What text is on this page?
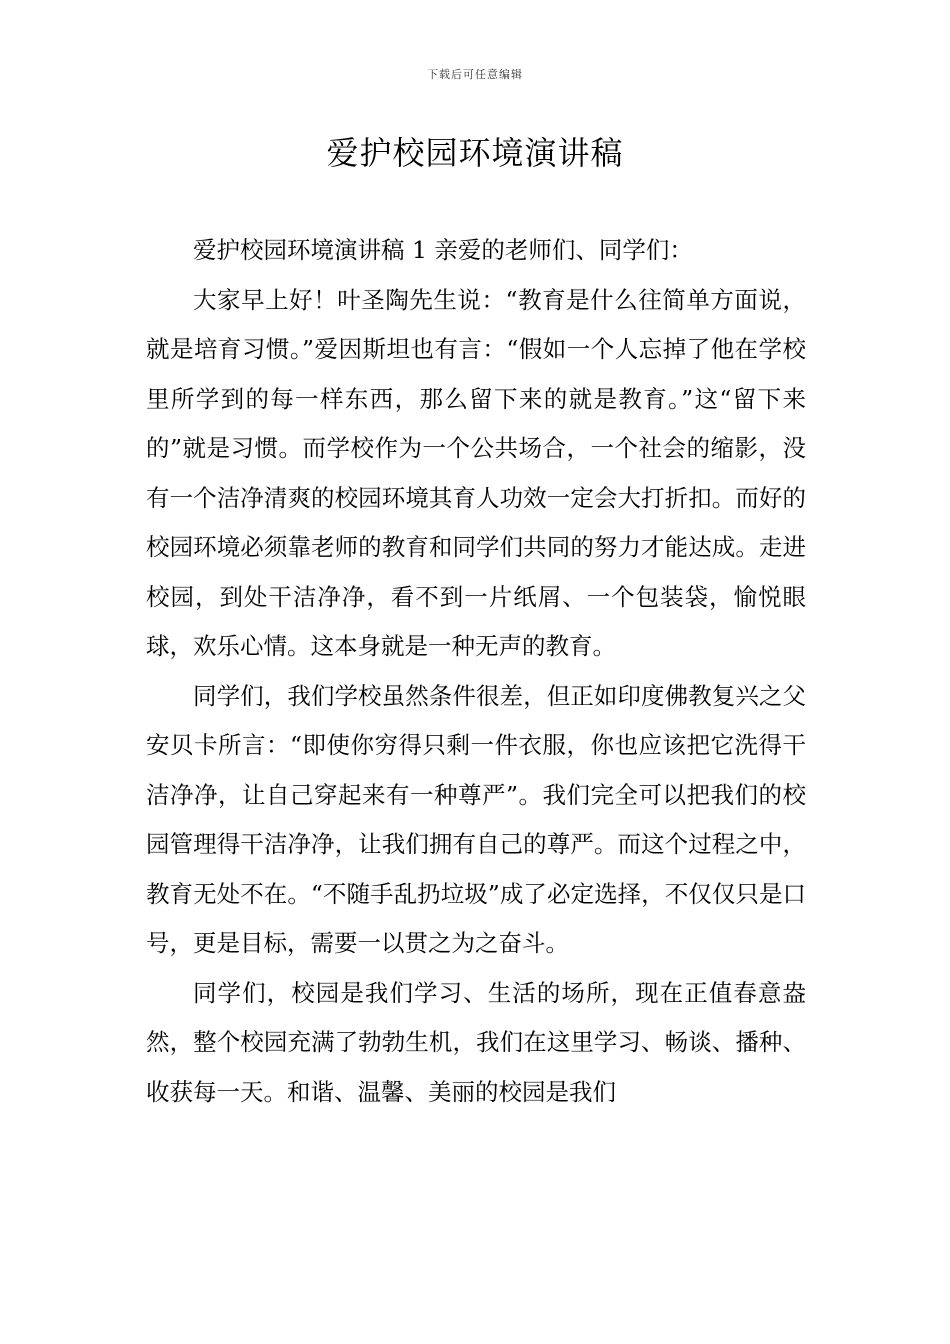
下载后可任意编辑
爱护校园环境演讲稿

爱护校园环境演讲稿 1 亲爱的老师们、同学们：

大家早上好！叶圣陶先生说：“教育是什么往简单方面说，就是培育习惯。”爱因斯坦也有言：“假如一个人忘掉了他在学校里所学到的每一样东西，那么留下来的就是教育。”这“留下来的”就是习惯。而学校作为一个公共场合，一个社会的缩影，没有一个洁净清爽的校园环境其育人功效一定会大打折扣。而好的校园环境必须靠老师的教育和同学们共同的努力才能达成。走进校园，到处干洁净净，看不到一片纸屑、一个包装袋，愉悦眼球，欢乐心情。这本身就是一种无声的教育。

同学们，我们学校虽然条件很差，但正如印度佛教复兴之父安贝卡所言：“即使你穷得只剩一件衣服，你也应该把它洗得干洁净净，让自己穿起来有一种尊严”。我们完全可以把我们的校园管理得干洁净净，让我们拥有自己的尊严。而这个过程之中，教育无处不在。“不随手乱扔垃圾”成了必定选择，不仅仅只是口号，更是目标，需要一以贯之为之奋斗。

同学们，校园是我们学习、生活的场所，现在正值春意盎然，整个校园充满了勃勃生机，我们在这里学习、畅谈、播种、收获每一天。和谐、温馨、美丽的校园是我们
